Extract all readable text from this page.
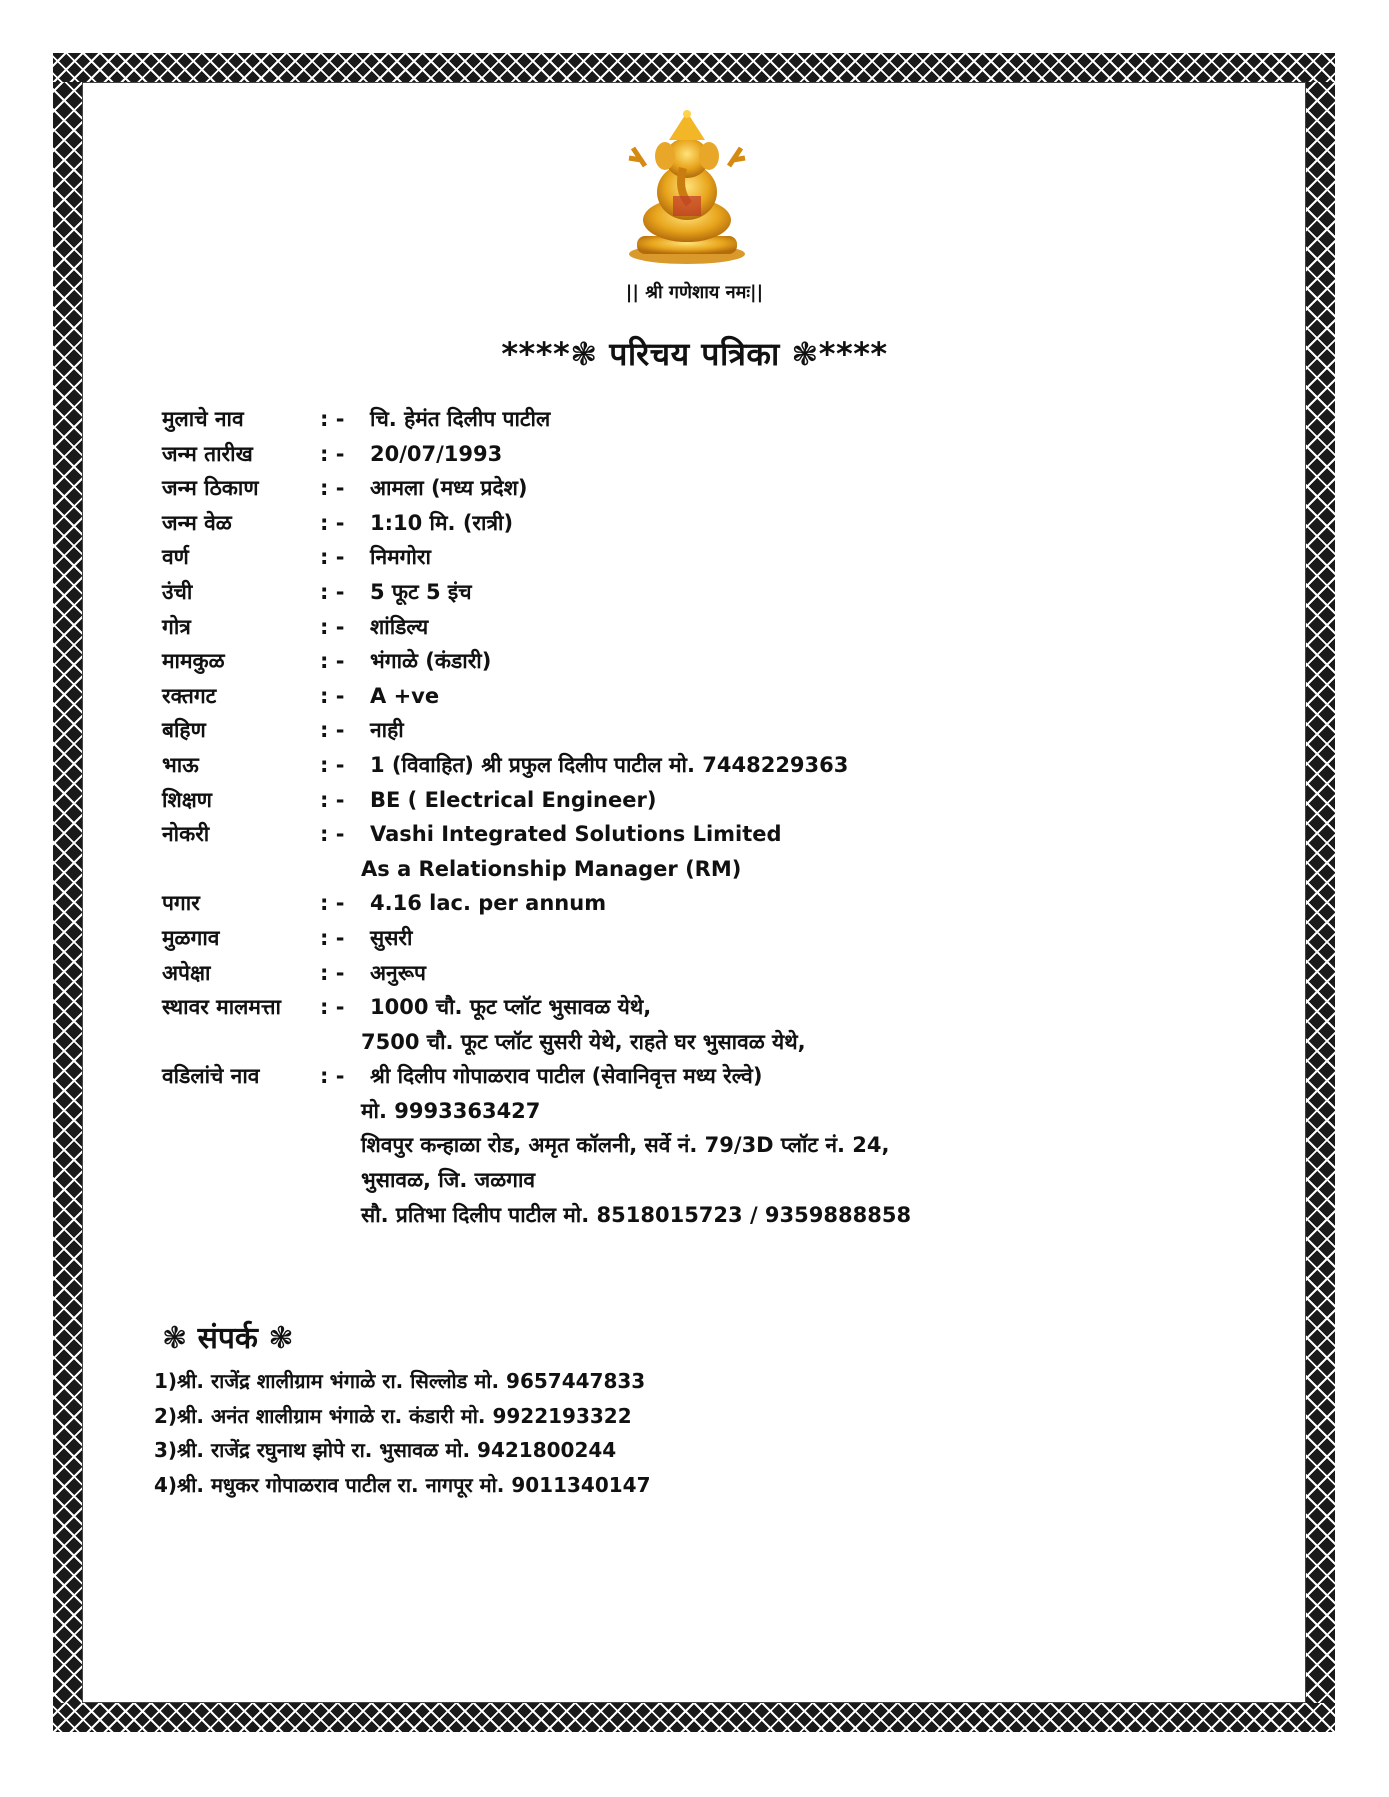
|| श्री गणेशाय नमः||
****❃ परिचय पत्रिका ❃****
मुलाचे नाव	: - चि. हेमंत दिलीप पाटील
जन्म तारीख	: - 20/07/1993
जन्म ठिकाण	: - आमला (मध्य प्रदेश)
जन्म वेळ	: - 1:10 मि. (रात्री)
वर्ण	: - निमगोरा
उंची	: - 5 फूट 5 इंच
गोत्र	: - शांडिल्य
मामकुळ	: - भंगाळे (कंडारी)
रक्तगट	: - A +ve
बहिण	: - नाही
भाऊ	: - 1 (विवाहित) श्री प्रफुल दिलीप पाटील मो. 7448229363
शिक्षण	: - BE ( Electrical Engineer)
नोकरी	: - Vashi Integrated Solutions Limited
As a Relationship Manager (RM)
पगार	: - 4.16 lac. per annum
मुळगाव	: - सुसरी
अपेक्षा	: - अनुरूप
स्थावर मालमत्ता : - 1000 चौ. फूट प्लॉट भुसावळ येथे,
7500 चौ. फूट प्लॉट सुसरी येथे, राहते घर भुसावळ येथे,
वडिलांचे नाव	: - श्री दिलीप गोपाळराव पाटील (सेवानिवृत्त मध्य रेल्वे)
मो. 9993363427
शिवपुर कन्हाळा रोड, अमृत कॉलनी, सर्वे नं. 79/3D प्लॉट नं. 24,
भुसावळ, जि. जळगाव
सौ. प्रतिभा दिलीप पाटील मो. 8518015723 / 9359888858
❃ संपर्क ❃
1)श्री. राजेंद्र शालीग्राम भंगाळे रा. सिल्लोड मो. 9657447833
2)श्री. अनंत शालीग्राम भंगाळे रा. कंडारी मो. 9922193322
3)श्री. राजेंद्र रघुनाथ झोपे रा. भुसावळ मो. 9421800244
4)श्री. मधुकर गोपाळराव पाटील रा. नागपूर मो. 9011340147
